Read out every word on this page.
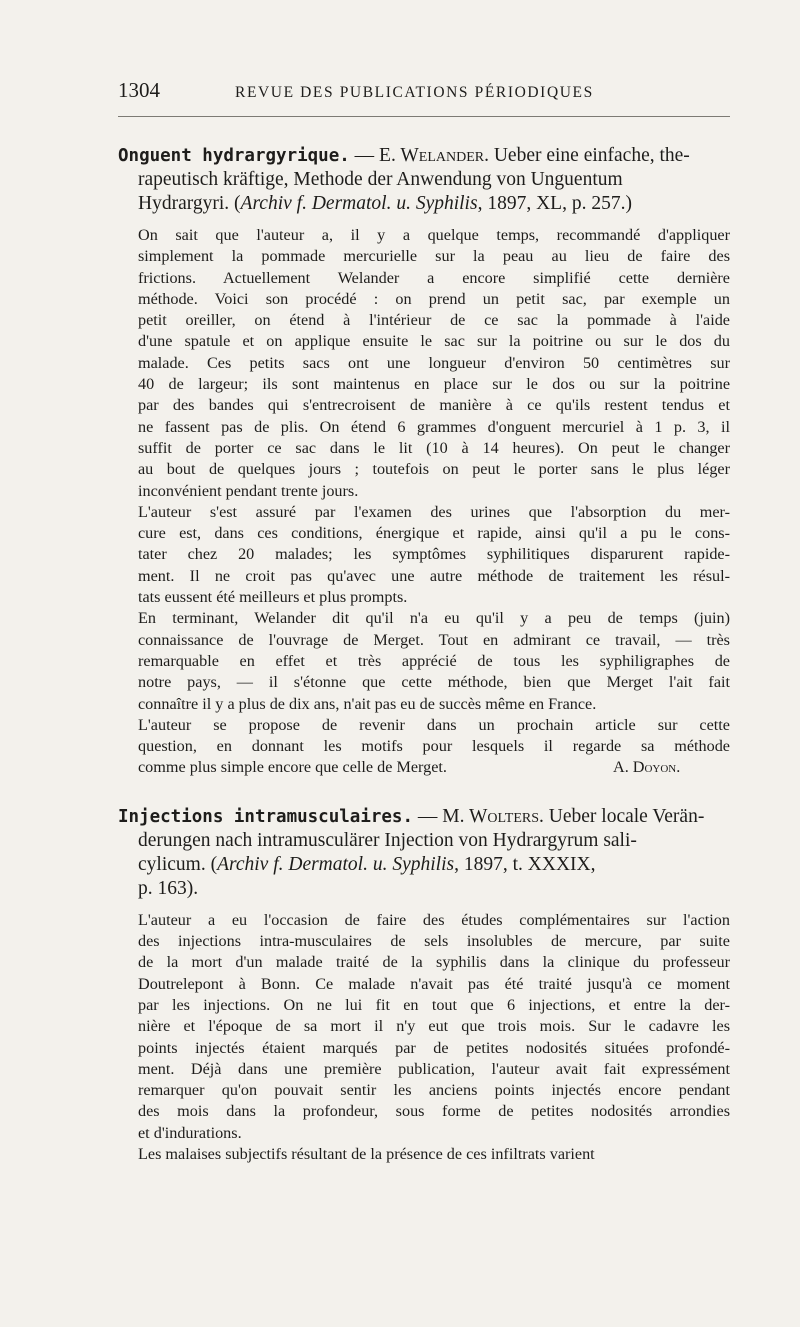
1304	REVUE DES PUBLICATIONS PÉRIODIQUES
Onguent hydrargyrique. — E. Welander. Ueber eine einfache, the-
rapeutisch kräftige, Methode der Anwendung von Unguentum
Hydrargyri. (Archiv f. Dermatol. u. Syphilis, 1897, XL, p. 257.)
On sait que l'auteur a, il y a quelque temps, recommandé d'appliquer
simplement la pommade mercurielle sur la peau au lieu de faire des
frictions. Actuellement Welander a encore simplifié cette dernière
méthode. Voici son procédé : on prend un petit sac, par exemple un
petit oreiller, on étend à l'intérieur de ce sac la pommade à l'aide
d'une spatule et on applique ensuite le sac sur la poitrine ou sur le dos du
malade. Ces petits sacs ont une longueur d'environ 50 centimètres sur
40 de largeur; ils sont maintenus en place sur le dos ou sur la poitrine
par des bandes qui s'entrecroisent de manière à ce qu'ils restent tendus et
ne fassent pas de plis. On étend 6 grammes d'onguent mercuriel à 1 p. 3, il
suffit de porter ce sac dans le lit (10 à 14 heures). On peut le changer
au bout de quelques jours ; toutefois on peut le porter sans le plus léger
inconvénient pendant trente jours.
L'auteur s'est assuré par l'examen des urines que l'absorption du mer-
cure est, dans ces conditions, énergique et rapide, ainsi qu'il a pu le cons-
tater chez 20 malades; les symptômes syphilitiques disparurent rapide-
ment. Il ne croit pas qu'avec une autre méthode de traitement les résul-
tats eussent été meilleurs et plus prompts.
En terminant, Welander dit qu'il n'a eu qu'il y a peu de temps (juin)
connaissance de l'ouvrage de Merget. Tout en admirant ce travail, — très
remarquable en effet et très apprécié de tous les syphiligraphes de
notre pays, — il s'étonne que cette méthode, bien que Merget l'ait fait
connaître il y a plus de dix ans, n'ait pas eu de succès même en France.
L'auteur se propose de revenir dans un prochain article sur cette
question, en donnant les motifs pour lesquels il regarde sa méthode
comme plus simple encore que celle de Merget.	A. Doyon.
Injections intramusculaires. — M. Wolters. Ueber locale Verän-
derungen nach intramusculärer Injection von Hydrargyrum sali-
cylicum. (Archiv f. Dermatol. u. Syphilis, 1897, t. XXXIX,
p. 163).
L'auteur a eu l'occasion de faire des études complémentaires sur l'action
des injections intra-musculaires de sels insolubles de mercure, par suite
de la mort d'un malade traité de la syphilis dans la clinique du professeur
Doutrelepont à Bonn. Ce malade n'avait pas été traité jusqu'à ce moment
par les injections. On ne lui fit en tout que 6 injections, et entre la der-
nière et l'époque de sa mort il n'y eut que trois mois. Sur le cadavre les
points injectés étaient marqués par de petites nodosités situées profondé-
ment. Déjà dans une première publication, l'auteur avait fait expressément
remarquer qu'on pouvait sentir les anciens points injectés encore pendant
des mois dans la profondeur, sous forme de petites nodosités arrondies
et d'indurations.
Les malaises subjectifs résultant de la présence de ces infiltrats varient
